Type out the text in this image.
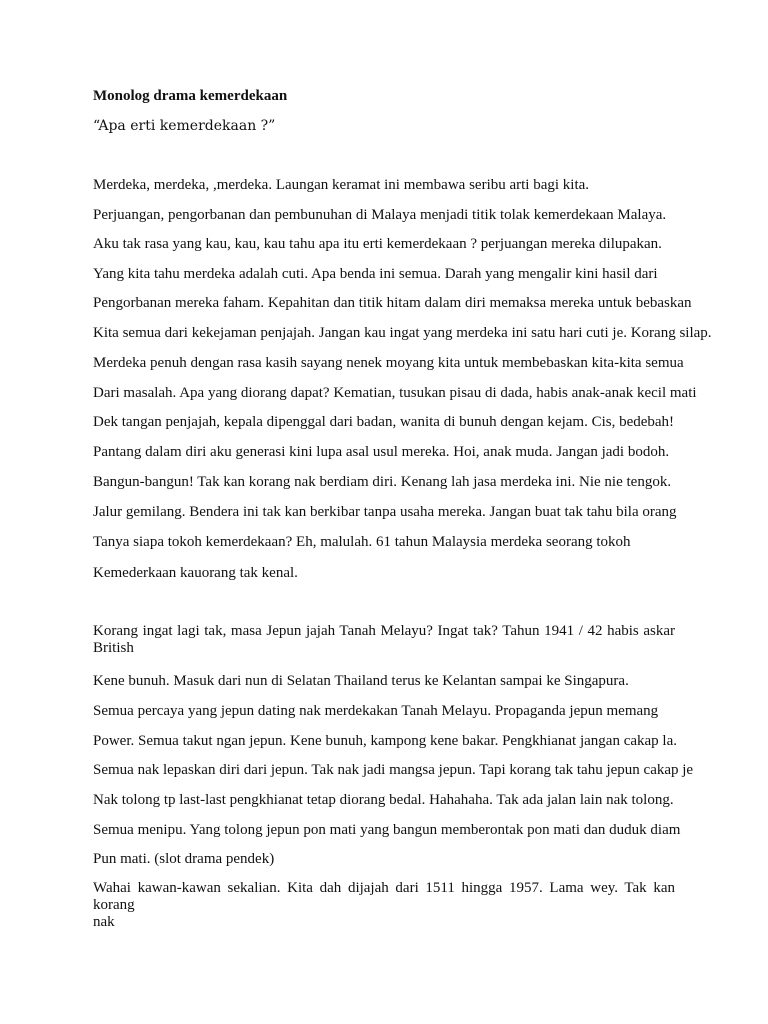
Monolog drama kemerdekaan
“Apa erti kemerdekaan ?”
Merdeka, merdeka, ,merdeka. Laungan keramat ini membawa seribu arti bagi kita.
Perjuangan, pengorbanan dan pembunuhan di Malaya menjadi titik tolak kemerdekaan Malaya.
Aku tak rasa yang kau, kau, kau tahu apa itu erti kemerdekaan ? perjuangan mereka dilupakan.
Yang kita tahu merdeka adalah cuti. Apa benda ini semua. Darah yang mengalir kini hasil dari
Pengorbanan mereka faham. Kepahitan dan titik hitam dalam diri memaksa mereka untuk bebaskan
Kita semua dari kekejaman penjajah. Jangan kau ingat yang merdeka ini satu hari cuti je. Korang silap.
Merdeka penuh dengan rasa kasih sayang nenek moyang kita untuk membebaskan kita-kita semua
Dari masalah. Apa yang diorang dapat? Kematian, tusukan pisau di dada, habis anak-anak kecil mati
Dek tangan penjajah, kepala dipenggal dari badan, wanita di bunuh dengan kejam. Cis, bedebah!
Pantang dalam diri aku generasi kini lupa asal usul mereka. Hoi, anak muda. Jangan jadi bodoh.
Bangun-bangun! Tak kan korang nak berdiam diri. Kenang lah jasa merdeka ini. Nie nie tengok.
Jalur gemilang. Bendera ini tak kan berkibar tanpa usaha mereka. Jangan buat tak tahu bila orang
Tanya siapa tokoh kemerdekaan? Eh, malulah. 61 tahun Malaysia merdeka seorang tokoh
Kemederkaan kauorang tak kenal.
Korang ingat lagi tak, masa Jepun jajah Tanah Melayu? Ingat tak? Tahun 1941 / 42 habis askar
British
Kene bunuh. Masuk dari nun di Selatan Thailand terus ke Kelantan sampai ke Singapura.
Semua percaya yang jepun dating nak merdekakan Tanah Melayu. Propaganda jepun memang
Power. Semua takut ngan jepun. Kene bunuh, kampong kene bakar. Pengkhianat jangan cakap la.
Semua nak lepaskan diri dari jepun. Tak nak jadi mangsa jepun. Tapi korang tak tahu jepun cakap je
Nak tolong tp last-last pengkhianat tetap diorang bedal. Hahahaha. Tak ada jalan lain nak tolong.
Semua menipu. Yang tolong jepun pon mati yang bangun memberontak pon mati dan duduk diam
Pun mati. (slot drama pendek)
Wahai kawan-kawan sekalian. Kita dah dijajah dari 1511 hingga 1957. Lama wey. Tak kan korang
nak
